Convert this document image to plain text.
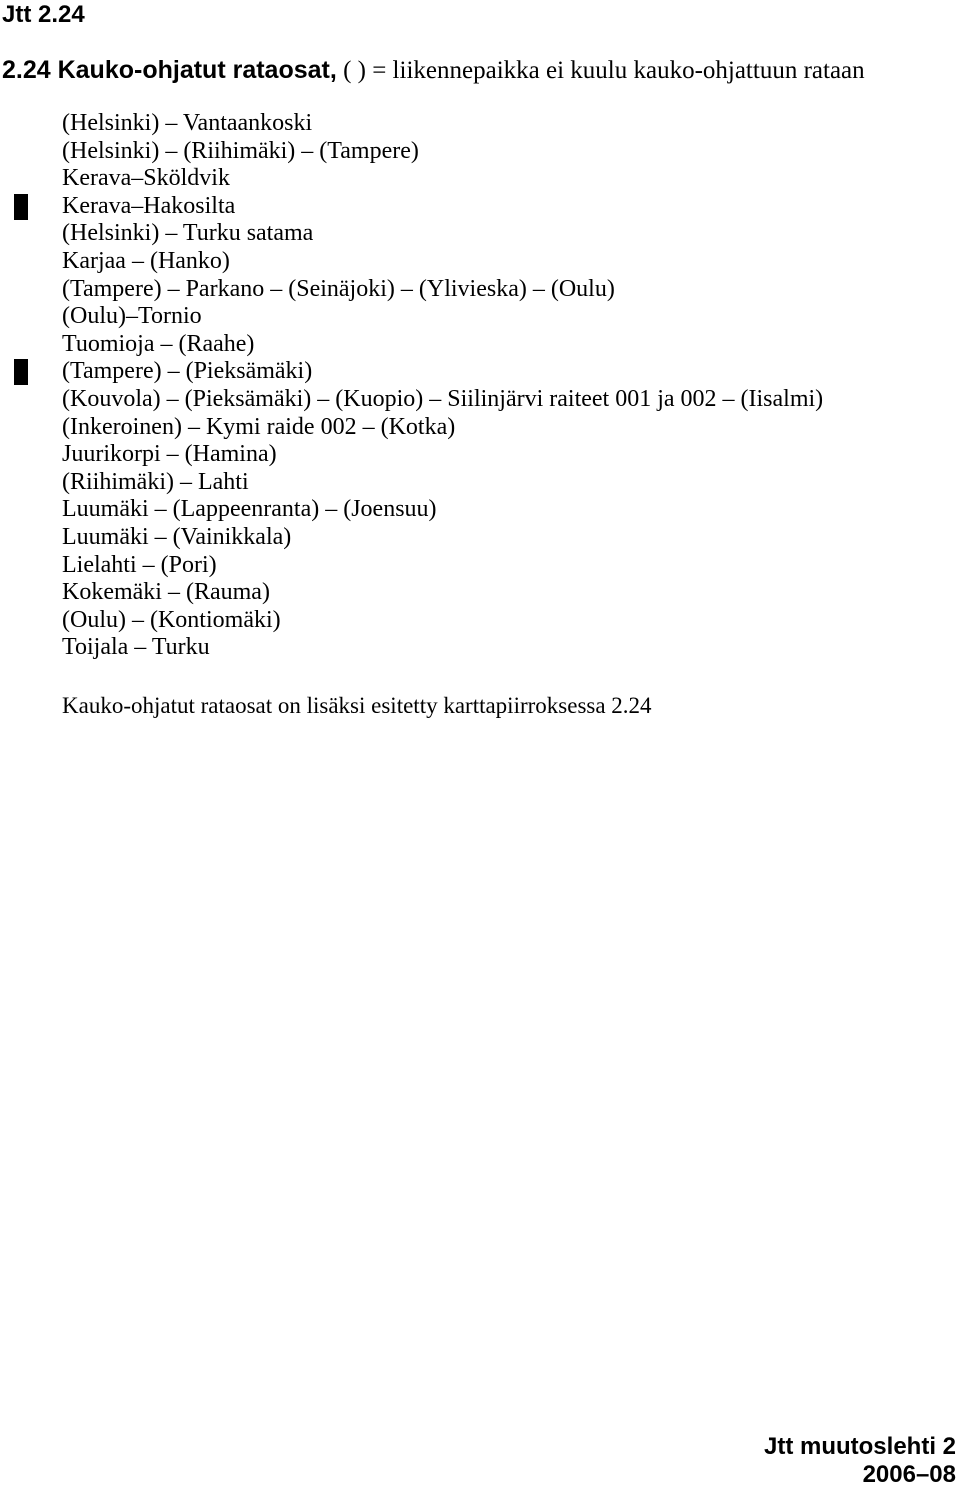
Jtt 2.24
2.24 Kauko-ohjatut rataosat, ( ) = liikennepaikka ei kuulu kauko-ohjattuun rataan
(Helsinki) – Vantaankoski
(Helsinki) – (Riihimäki) – (Tampere)
Kerava–Sköldvik
Kerava–Hakosilta
(Helsinki) – Turku satama
Karjaa – (Hanko)
(Tampere) – Parkano – (Seinäjoki) – (Ylivieska) – (Oulu)
(Oulu)–Tornio
Tuomioja – (Raahe)
(Tampere) – (Pieksämäki)
(Kouvola) – (Pieksämäki) – (Kuopio) – Siilinjärvi raiteet 001 ja 002 – (Iisalmi)
(Inkeroinen) – Kymi raide 002 – (Kotka)
Juurikorpi – (Hamina)
(Riihimäki) – Lahti
Luumäki – (Lappeenranta) – (Joensuu)
Luumäki – (Vainikkala)
Lielahti – (Pori)
Kokemäki – (Rauma)
(Oulu) – (Kontiomäki)
Toijala – Turku
Kauko-ohjatut rataosat on lisäksi esitetty karttapiirroksessa 2.24
Jtt muutoslehti 2
2006–08
